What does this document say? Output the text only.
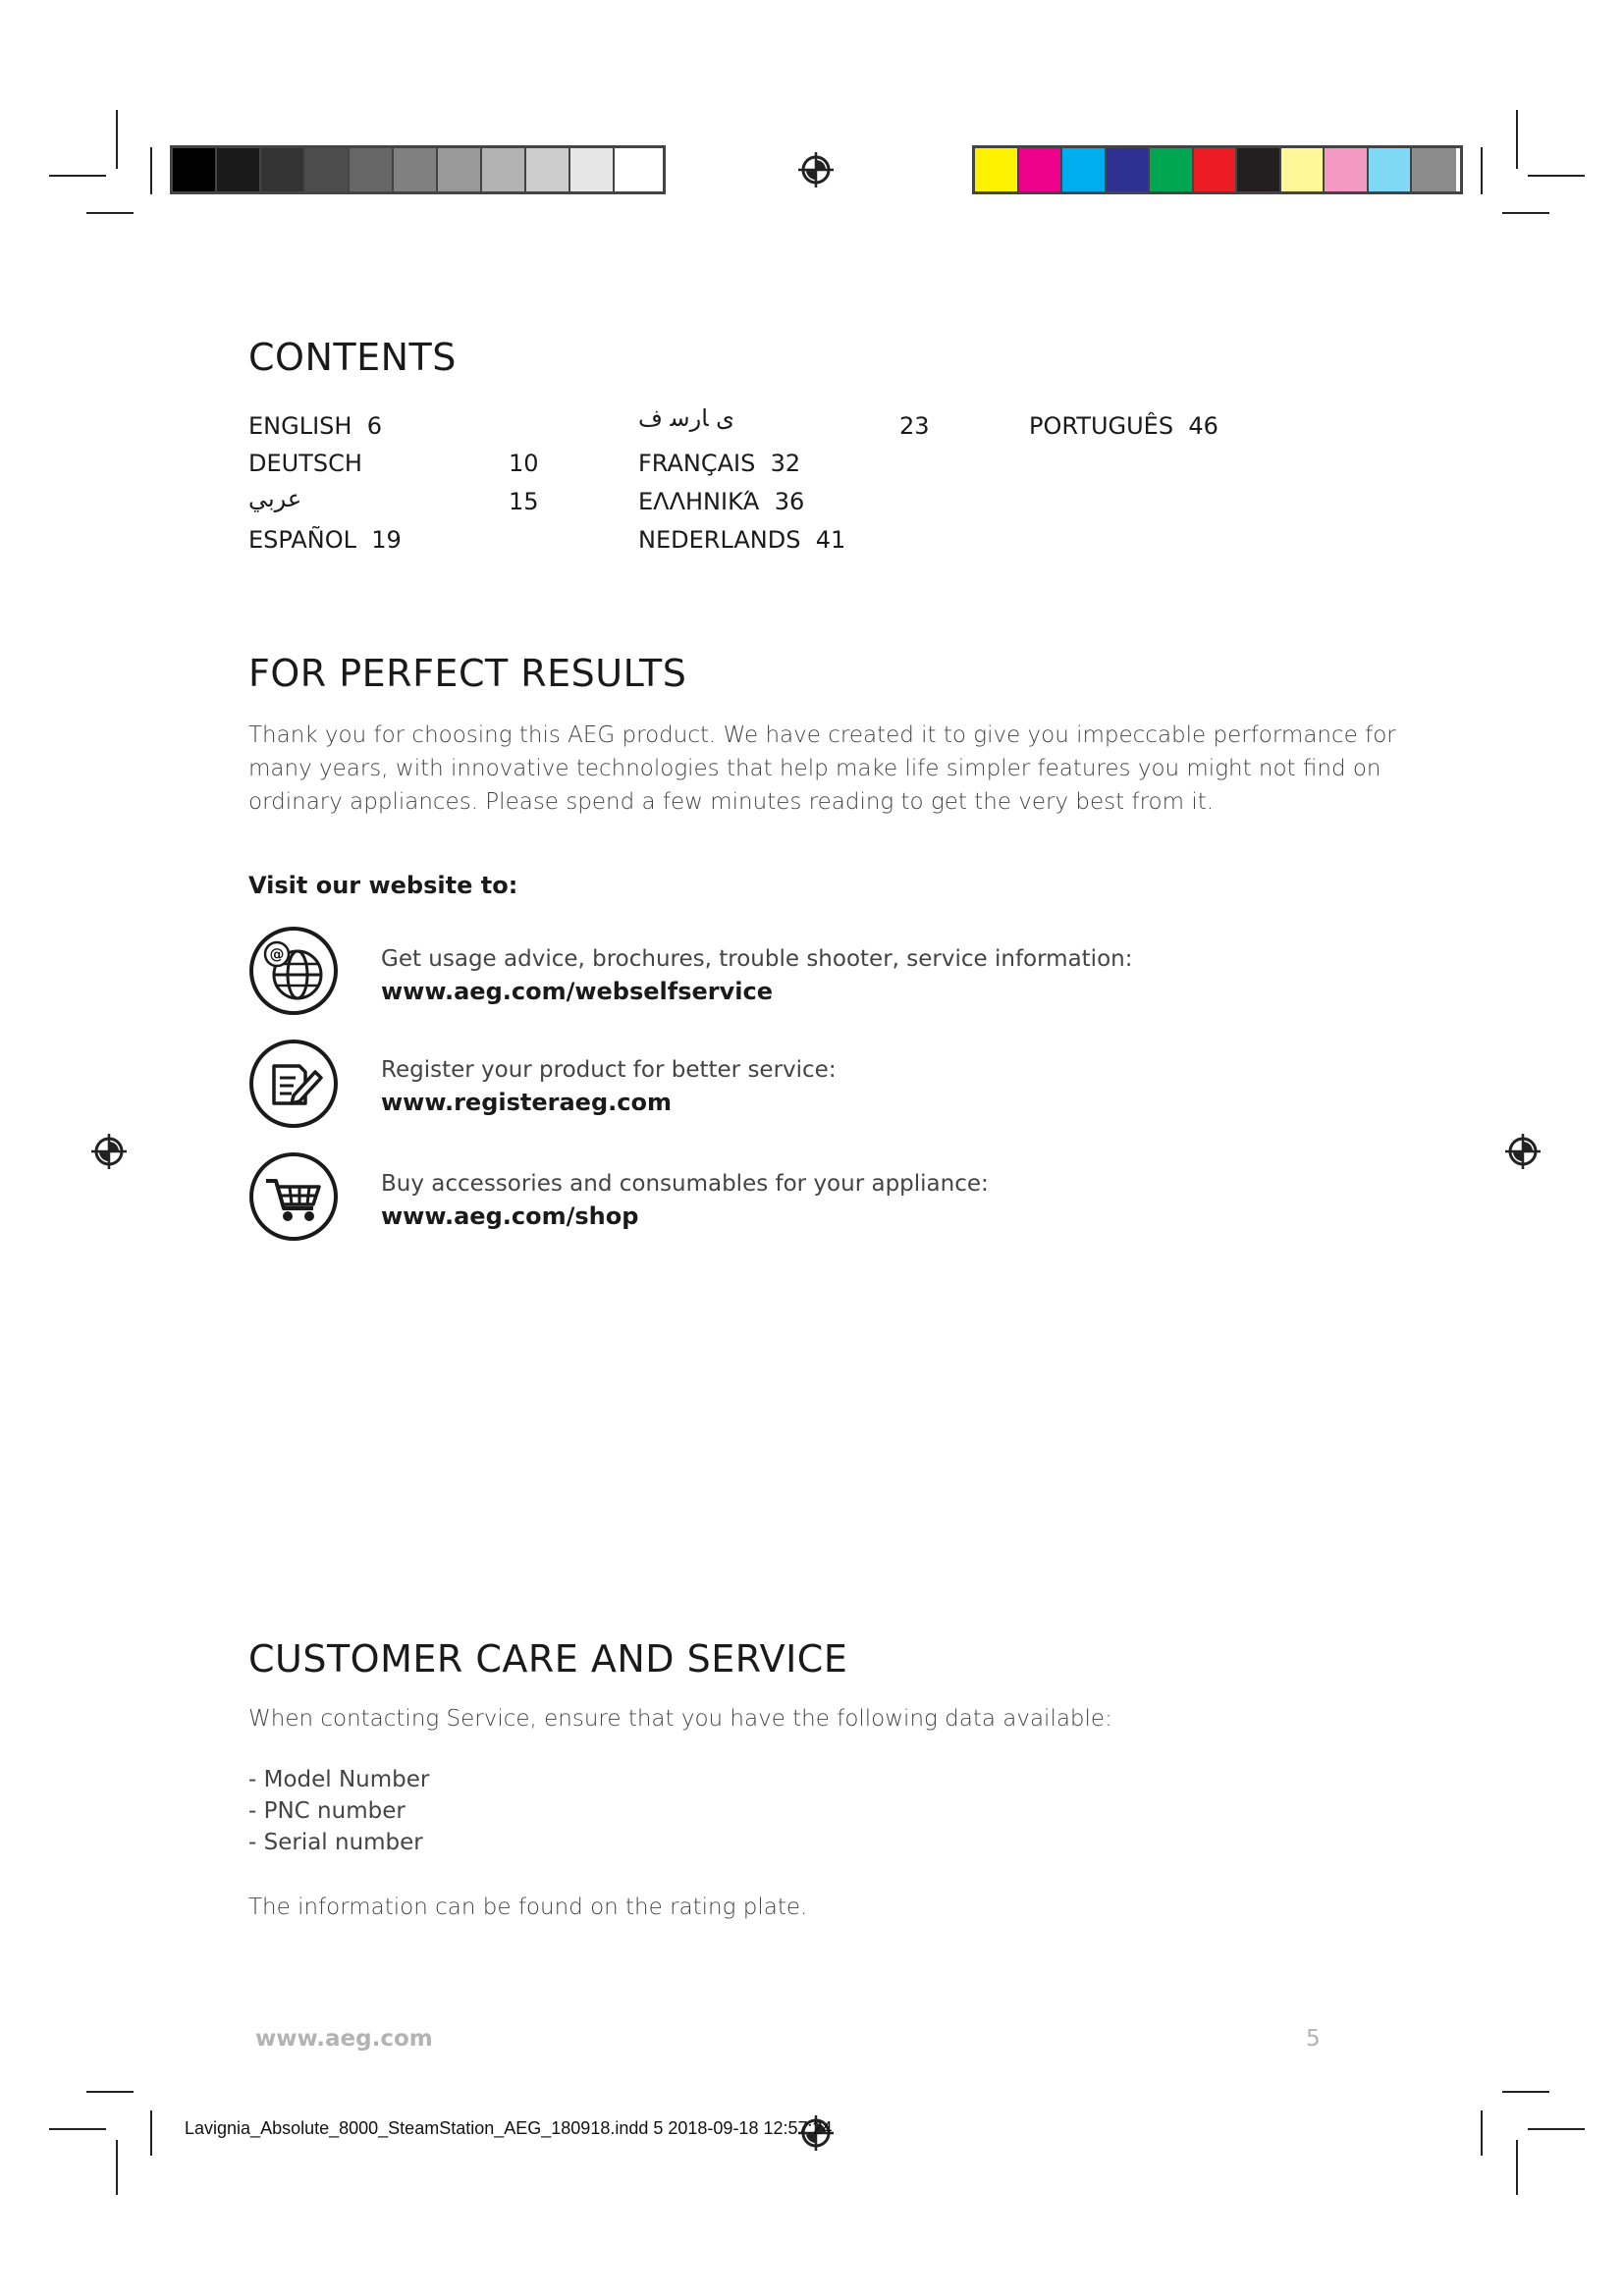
CONTENTS
ENGLISH 6
DEUTSCH	10
عربي	15
ESPAÑOL 19
ى ﺎرﺳ ف	23
FRANÇAIS 32
ΕΛΛΗΝΙΚΆ 36
NEDERLANDS 41
PORTUGUÊS 46
FOR PERFECT RESULTS
Thank you for choosing this AEG product. We have created it to give you impeccable performance for
many years, with innovative technologies that help make life simpler features you might not find on
ordinary appliances. Please spend a few minutes reading to get the very best from it.
Visit our website to:
@	Get usage advice, brochures, trouble shooter, service information:
www.aeg.com/webselfservice
Register your product for better service:
www.registeraeg.com
Buy accessories and consumables for your appliance:
www.aeg.com/shop
CUSTOMER CARE AND SERVICE
When contacting Service, ensure that you have the following data available:
- Model Number
- PNC number
- Serial number
The information can be found on the rating plate.
www.aeg.com	5
Lavignia_Absolute_8000_SteamStation_AEG_180918.indd 5 2018-09-18 12:57:24
